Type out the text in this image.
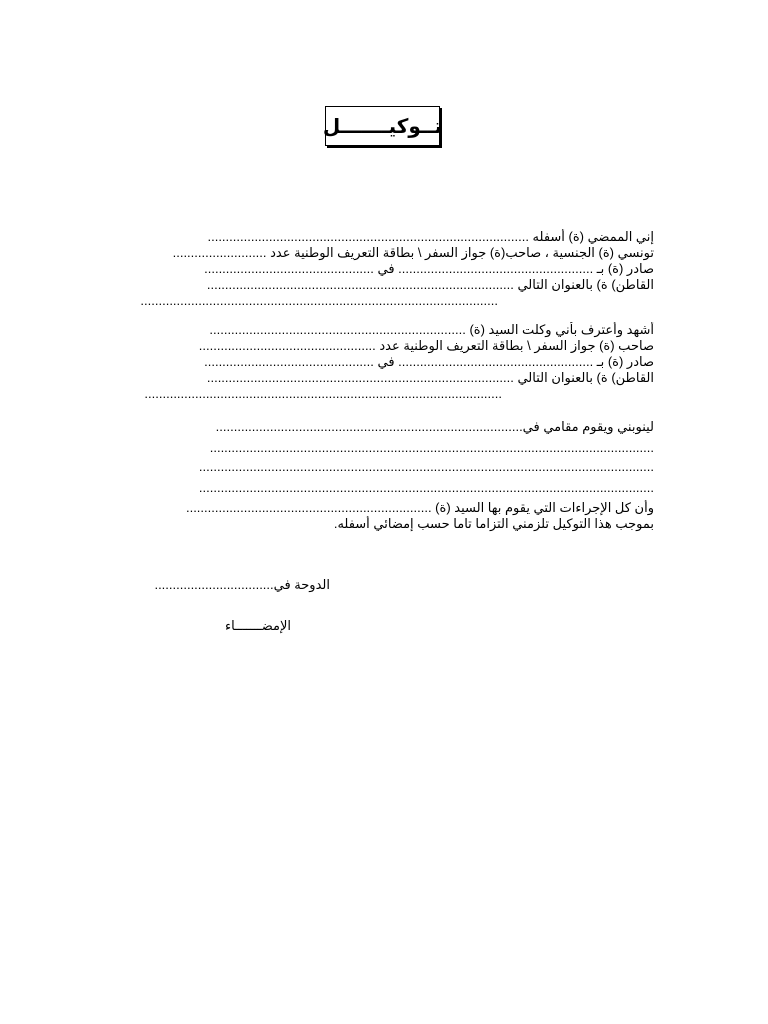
تــوكيـــــــل
إني الممضي (ة) أسفله .........................................................................................
تونسي (ة) الجنسية ، صاحب(ة) جواز السفر \ بطاقة التعريف الوطنية عدد ..........................
صادر (ة) بـ ...................................................... في ...............................................
القاطن) ة) بالعنوان التالي .....................................................................................
...................................................................................................
أشهد وأعترف بأني وكلت السيد (ة) .......................................................................
صاحب (ة) جواز السفر \ بطاقة التعريف الوطنية عدد .................................................
صادر (ة) بـ ...................................................... في ...............................................
القاطن) ة) بالعنوان التالي .....................................................................................
...................................................................................................
لينوبني ويقوم مقامي في.....................................................................................
...........................................................................................................................
..............................................................................................................................
..............................................................................................................................
وأن كل الإجراءات التي يقوم بها السيد (ة) ....................................................................
بموجب هذا التوكيل تلزمني التزاما تاما حسب إمضائي أسفله.
الدوحة في.................................
الإمضـــــــاء
